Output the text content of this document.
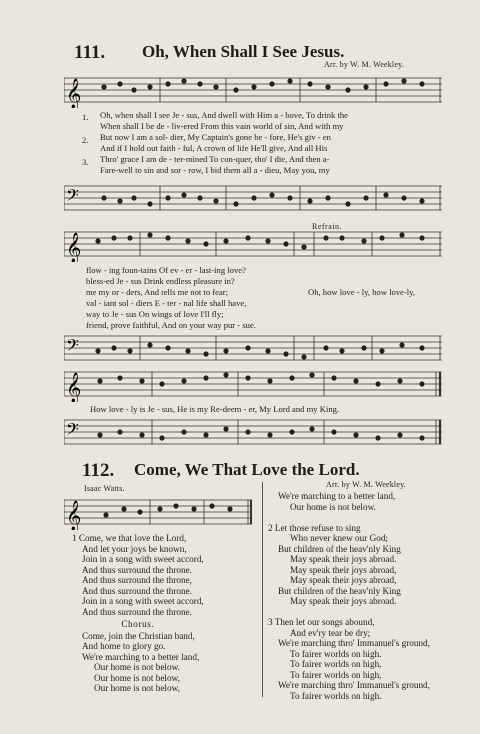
111. Oh, When Shall I See Jesus.
Arr. by W. M. Weekley.
𝄞
1.
2.
3.
Oh, when shall I see Je - sus, And dwell with Him a - bove, To drink the
When shall I be de - liv-ered From this vain world of sin, And with my
But now I am a sol- dier, My Captain's gone be - fore, He's giv - en
And if I hold out faith - ful, A crown of life He'll give, And all His
Thro' grace I am de - ter-mined To con-quer, tho' I die, And then a-
Fare-well to sin and sor - row, I bid them all a - dieu, May you, my
𝄢
Refrain.
𝄞
flow - ing foun-tains Of ev - er - last-ing love?
bless-ed Je - sus Drink endless pleasure in?
me my or - ders, And tells me not to fear;
val - iant sol - diers E - ter - nal life shall have,
way to Je - sus On wings of love I'll fly;
friend, prove faithful, And on your way pur - sue.
Oh, how love - ly, how love-ly,
𝄢
𝄞
How love - ly is Je - sus, He is my Re-deem - er, My Lord and my King.
𝄢
112. Come, We That Love the Lord.
Isaac Watts.	Arr. by W. M. Weekley.
𝄞
1 Come, we that love the Lord,
And let your joys be known,
Join in a song with sweet accord,
And thus surround the throne.
And thus surround the throne,
And thus surround the throne.
Join in a song with sweet accord,
And thus surround the throne.
Chorus.
Come, join the Christian band,
And home to glory go.
We're marching to a better land,
Our home is not below.
Our home is not below,
Our home is not below,
We're marching to a better land,
Our home is not below.

2 Let those refuse to sing
Who never knew our God;
But children of the heav'nly King
May speak their joys abroad.
May speak their joys abroad,
May speak their joys abroad,
But children of the heav'nly King
May speak their joys abroad.

3 Then let our songs abound,
And ev'ry tear be dry;
We're marching thro' Immanuel's ground,
To fairer worlds on high.
To fairer worlds on high,
To fairer worlds on high,
We're marching thro' Immanuel's ground,
To fairer worlds on high.
